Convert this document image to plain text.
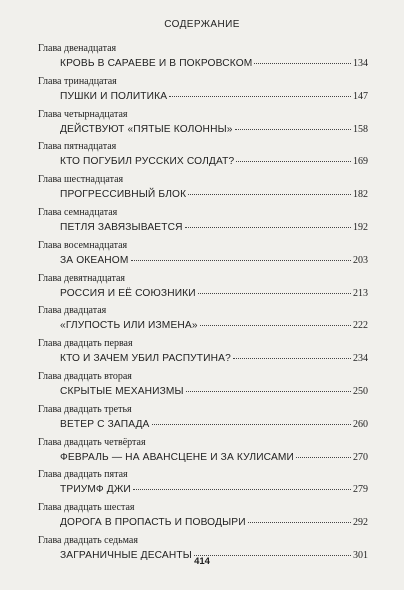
СОДЕРЖАНИЕ
Глава двенадцатая
КРОВЬ В САРАЕВЕ И В ПОКРОВСКОМ	134
Глава тринадцатая
ПУШКИ И ПОЛИТИКА	147
Глава четырнадцатая
ДЕЙСТВУЮТ «ПЯТЫЕ КОЛОННЫ»	158
Глава пятнадцатая
КТО ПОГУБИЛ РУССКИХ СОЛДАТ?	169
Глава шестнадцатая
ПРОГРЕССИВНЫЙ БЛОК	182
Глава семнадцатая
ПЕТЛЯ ЗАВЯЗЫВАЕТСЯ	192
Глава восемнадцатая
ЗА ОКЕАНОМ	203
Глава девятнадцатая
РОССИЯ И ЕЁ СОЮЗНИКИ	213
Глава двадцатая
«ГЛУПОСТЬ ИЛИ ИЗМЕНА»	222
Глава двадцать первая
КТО И ЗАЧЕМ УБИЛ РАСПУТИНА?	234
Глава двадцать вторая
СКРЫТЫЕ МЕХАНИЗМЫ	250
Глава двадцать третья
ВЕТЕР С ЗАПАДА	260
Глава двадцать четвёртая
ФЕВРАЛЬ — НА АВАНСЦЕНЕ И ЗА КУЛИСАМИ	270
Глава двадцать пятая
ТРИУМФ ДЖИ	279
Глава двадцать шестая
ДОРОГА В ПРОПАСТЬ И ПОВОДЫРИ	292
Глава двадцать седьмая
ЗАГРАНИЧНЫЕ ДЕСАНТЫ	301
414
